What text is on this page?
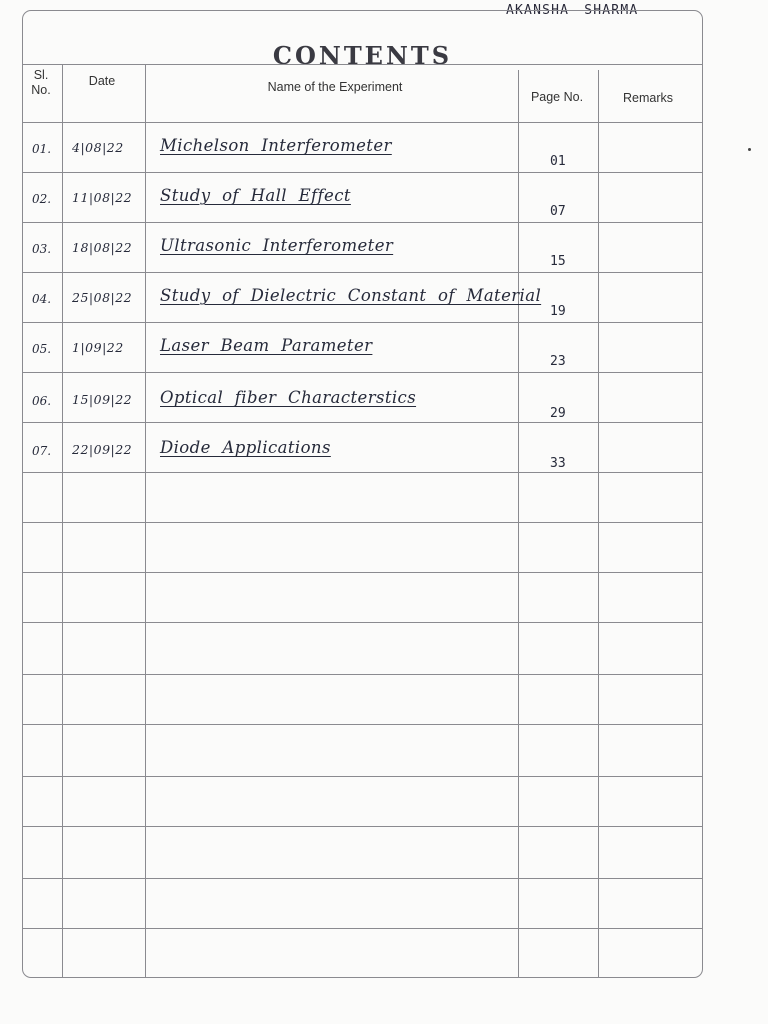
AKANSHA SHARMA
CONTENTS
Sl. No.
Date	Name of the Experiment
Page No.	Remarks
01. 4|08|22 Michelson Interferometer
01
02. 11|08|22 Study of Hall Effect
07
03. 18|08|22 Ultrasonic Interferometer
15
04. 25|08|22 Study of Dielectric Constant of Material
19
05. 1|09|22 Laser Beam Parameter
23
06. 15|09|22 Optical fiber Characterstics
29
07. 22|09|22 Diode Applications
33
